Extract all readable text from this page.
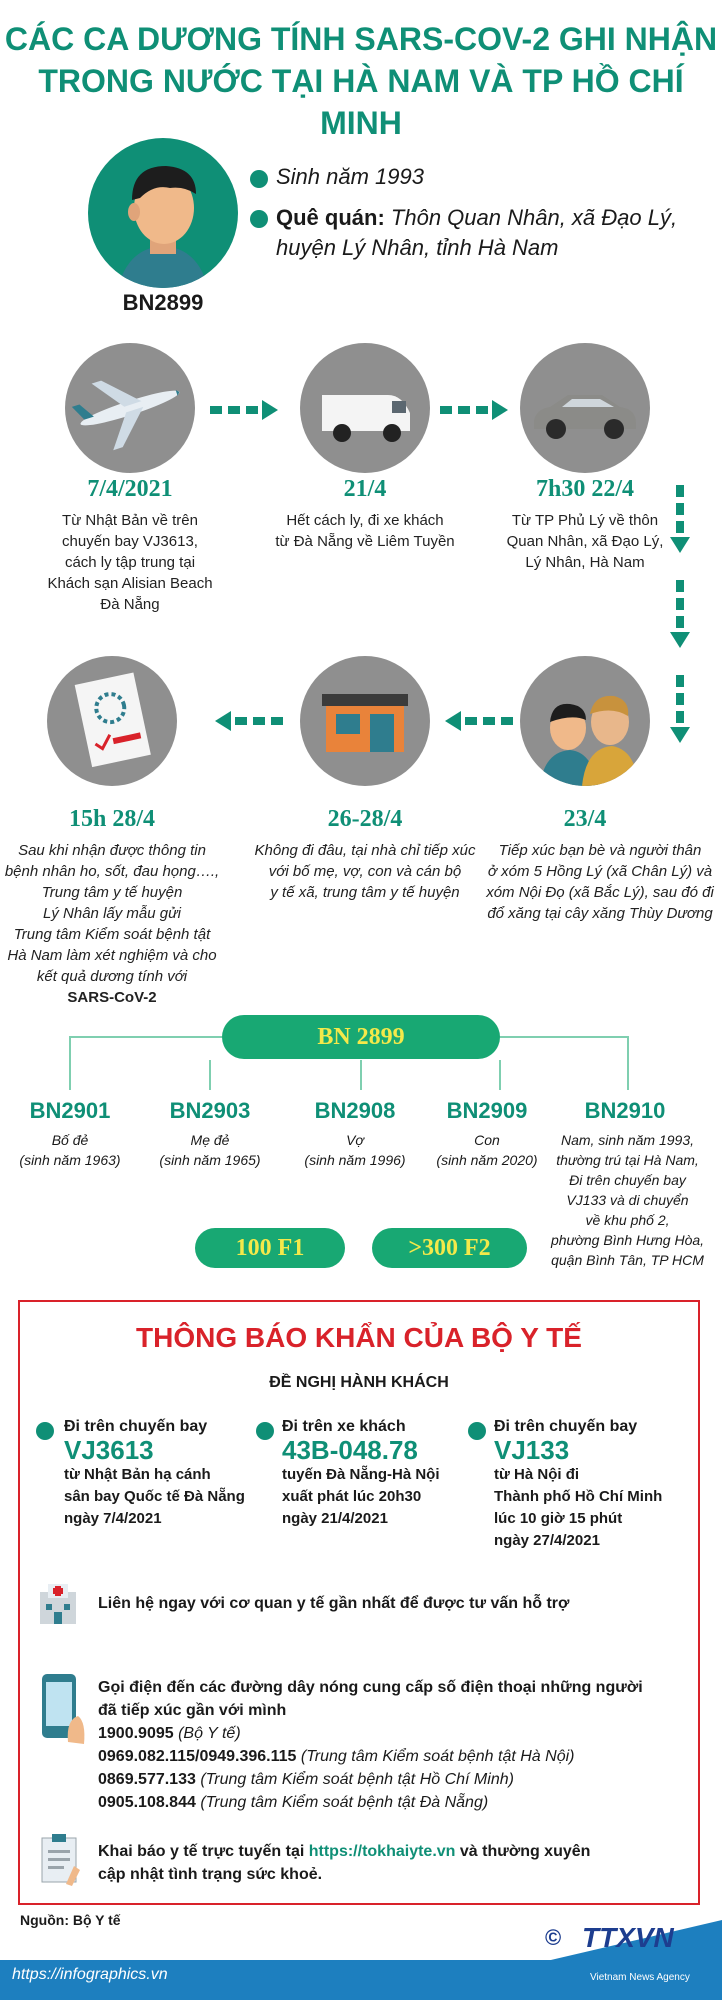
CÁC CA DƯƠNG TÍNH SARS-COV-2 GHI NHẬN
TRONG NƯỚC TẠI HÀ NAM VÀ TP HỒ CHÍ MINH
BN2899
Sinh năm 1993
Quê quán: Thôn Quan Nhân, xã Đạo Lý,
huyện Lý Nhân, tỉnh Hà Nam
7/4/2021
Từ Nhật Bản về trên
chuyến bay VJ3613,
cách ly tập trung tại
Khách sạn Alisian Beach
Đà Nẵng
21/4
Hết cách ly, đi xe khách
từ Đà Nẵng về Liêm Tuyền
7h30 22/4
Từ TP Phủ Lý về thôn
Quan Nhân, xã Đạo Lý,
Lý Nhân, Hà Nam
15h 28/4
Sau khi nhận được thông tin
bệnh nhân ho, sốt, đau họng….,
Trung tâm y tế huyện
Lý Nhân lấy mẫu gửi
Trung tâm Kiểm soát bệnh tật
Hà Nam làm xét nghiệm và cho
kết quả dương tính với
SARS-CoV-2
26-28/4
Không đi đâu, tại nhà chỉ tiếp xúc
với bố mẹ, vợ, con và cán bộ
y tế xã, trung tâm y tế huyện
23/4
Tiếp xúc bạn bè và người thân
ở xóm 5 Hồng Lý (xã Chân Lý) và
xóm Nội Đọ (xã Bắc Lý), sau đó đi
đổ xăng tại cây xăng Thùy Dương
BN 2899
BN2901
Bố đẻ
(sinh năm 1963)
BN2903
Mẹ đẻ
(sinh năm 1965)
BN2908
Vợ
(sinh năm 1996)
BN2909
Con
(sinh năm 2020)
BN2910
Nam, sinh năm 1993,
thường trú tại Hà Nam,
Đi trên chuyến bay
VJ133 và di chuyển
về khu phố 2,
phường Bình Hưng Hòa,
quận Bình Tân, TP HCM
100 F1	>300 F2
THÔNG BÁO KHẨN CỦA BỘ Y TẾ
ĐỀ NGHỊ HÀNH KHÁCH
Đi trên chuyến bay
VJ3613
từ Nhật Bản hạ cánh
sân bay Quốc tế Đà Nẵng
ngày 7/4/2021
Đi trên xe khách
43B-048.78
tuyến Đà Nẵng-Hà Nội
xuất phát lúc 20h30
ngày 21/4/2021
Đi trên chuyến bay
VJ133
từ Hà Nội đi
Thành phố Hồ Chí Minh
lúc 10 giờ 15 phút
ngày 27/4/2021
Liên hệ ngay với cơ quan y tế gần nhất để được tư vấn hỗ trợ
Gọi điện đến các đường dây nóng cung cấp số điện thoại những người
đã tiếp xúc gần với mình
1900.9095 (Bộ Y tế)
0969.082.115/0949.396.115 (Trung tâm Kiểm soát bệnh tật Hà Nội)
0869.577.133 (Trung tâm Kiểm soát bệnh tật Hồ Chí Minh)
0905.108.844 (Trung tâm Kiểm soát bệnh tật Đà Nẵng)
Khai báo y tế trực tuyến tại https://tokhaiyte.vn và thường xuyên
cập nhật tình trạng sức khoẻ.
Nguồn: Bộ Y tế
https://infographics.vn
© TTXVN
Vietnam News Agency
